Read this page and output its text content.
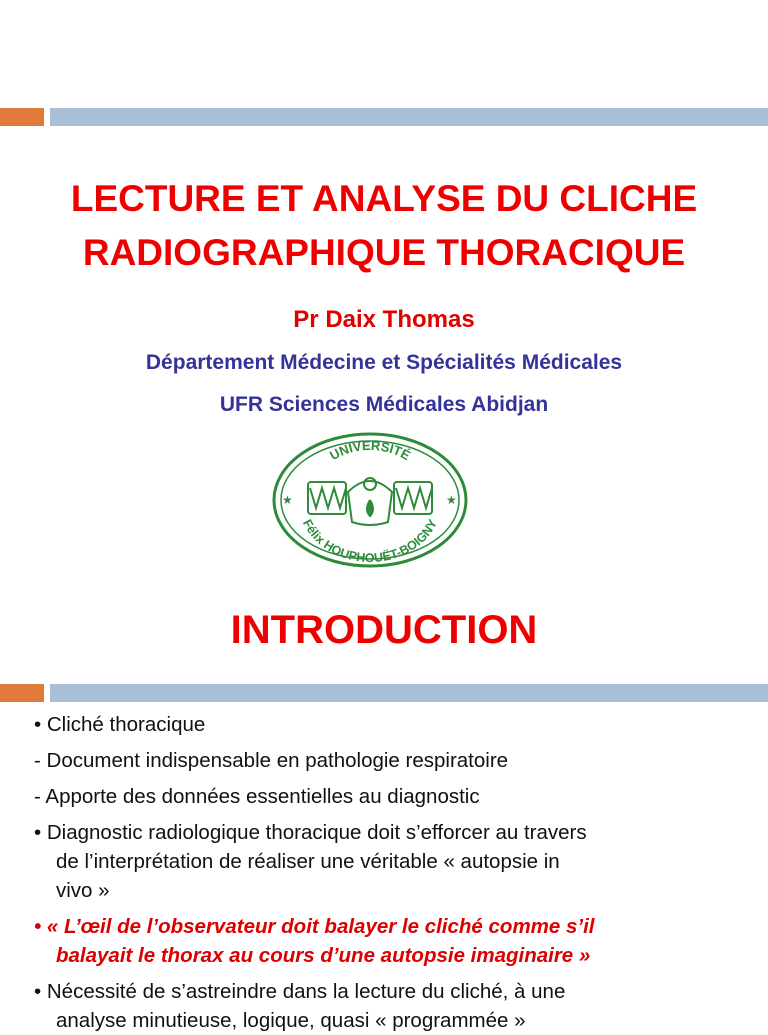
LECTURE ET ANALYSE DU CLICHE
RADIOGRAPHIQUE THORACIQUE
Pr Daix Thomas
Département Médecine et Spécialités Médicales
UFR Sciences Médicales Abidjan
UNIVERSITÉ
Félix HOUPHOUËT-BOIGNY
★	★
INTRODUCTION

• Cliché thoracique

- Document indispensable en pathologie respiratoire

- Apporte des données essentielles au diagnostic

• Diagnostic radiologique thoracique doit s’efforcer au travers

de l’interprétation de réaliser une véritable « autopsie in

vivo »

• « L’œil de l’observateur doit balayer le cliché comme s’il

balayait le thorax au cours d’une autopsie imaginaire »

• Nécessité de s’astreindre dans la lecture du cliché, à une

analyse minutieuse, logique, quasi « programmée »
